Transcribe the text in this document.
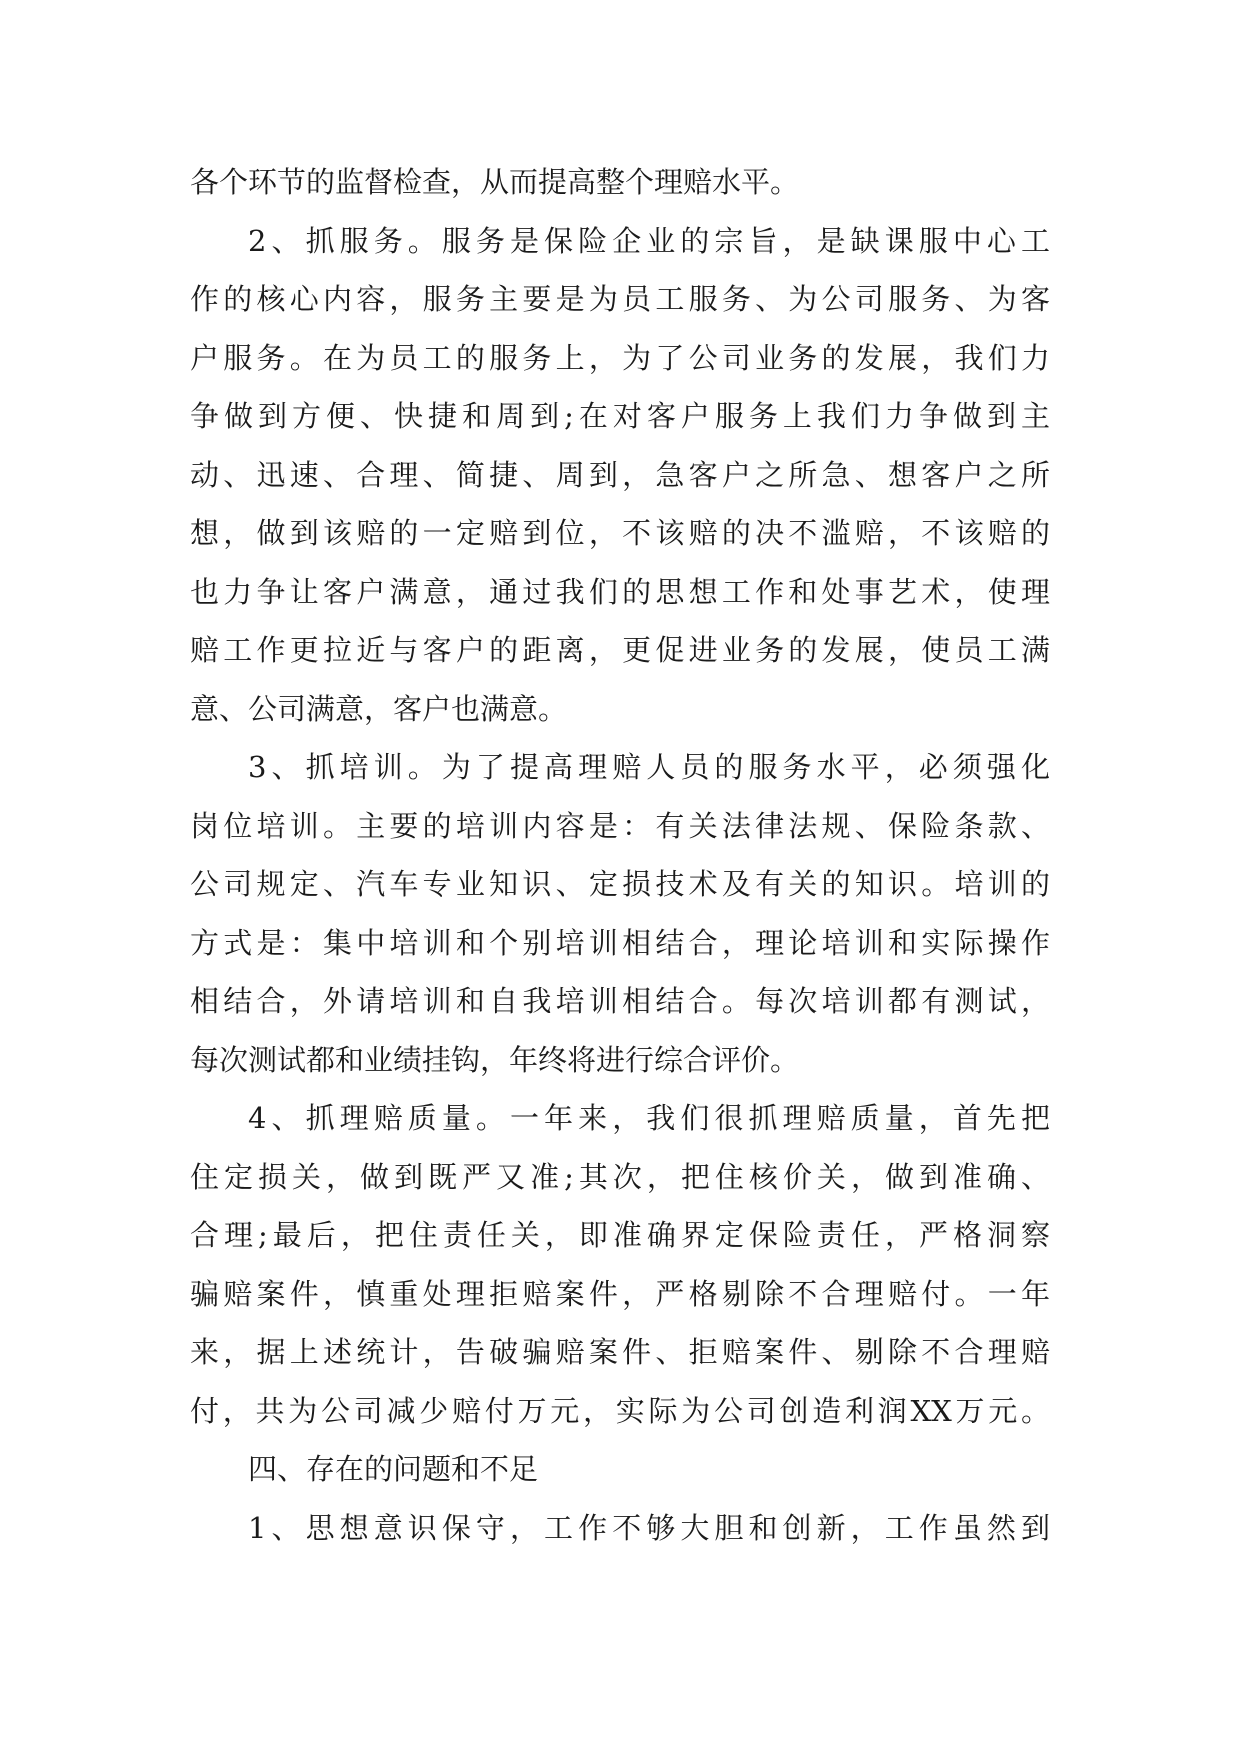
各个环节的监督检查，从而提高整个理赔水平。
2、抓服务。服务是保险企业的宗旨，是缺课服中心工
作的核心内容，服务主要是为员工服务、为公司服务、为客
户服务。在为员工的服务上，为了公司业务的发展，我们力
争做到方便、快捷和周到;在对客户服务上我们力争做到主
动、迅速、合理、简捷、周到，急客户之所急、想客户之所
想，做到该赔的一定赔到位，不该赔的决不滥赔，不该赔的
也力争让客户满意，通过我们的思想工作和处事艺术，使理
赔工作更拉近与客户的距离，更促进业务的发展，使员工满
意、公司满意，客户也满意。
3、抓培训。为了提高理赔人员的服务水平，必须强化
岗位培训。主要的培训内容是：有关法律法规、保险条款、
公司规定、汽车专业知识、定损技术及有关的知识。培训的
方式是：集中培训和个别培训相结合，理论培训和实际操作
相结合，外请培训和自我培训相结合。每次培训都有测试，
每次测试都和业绩挂钩，年终将进行综合评价。
4、抓理赔质量。一年来，我们很抓理赔质量，首先把
住定损关，做到既严又准;其次，把住核价关，做到准确、
合理;最后，把住责任关，即准确界定保险责任，严格洞察
骗赔案件，慎重处理拒赔案件，严格剔除不合理赔付。一年
来，据上述统计，告破骗赔案件、拒赔案件、剔除不合理赔
付，共为公司减少赔付万元，实际为公司创造利润XX万元。
四、存在的问题和不足
1、思想意识保守，工作不够大胆和创新，工作虽然到
